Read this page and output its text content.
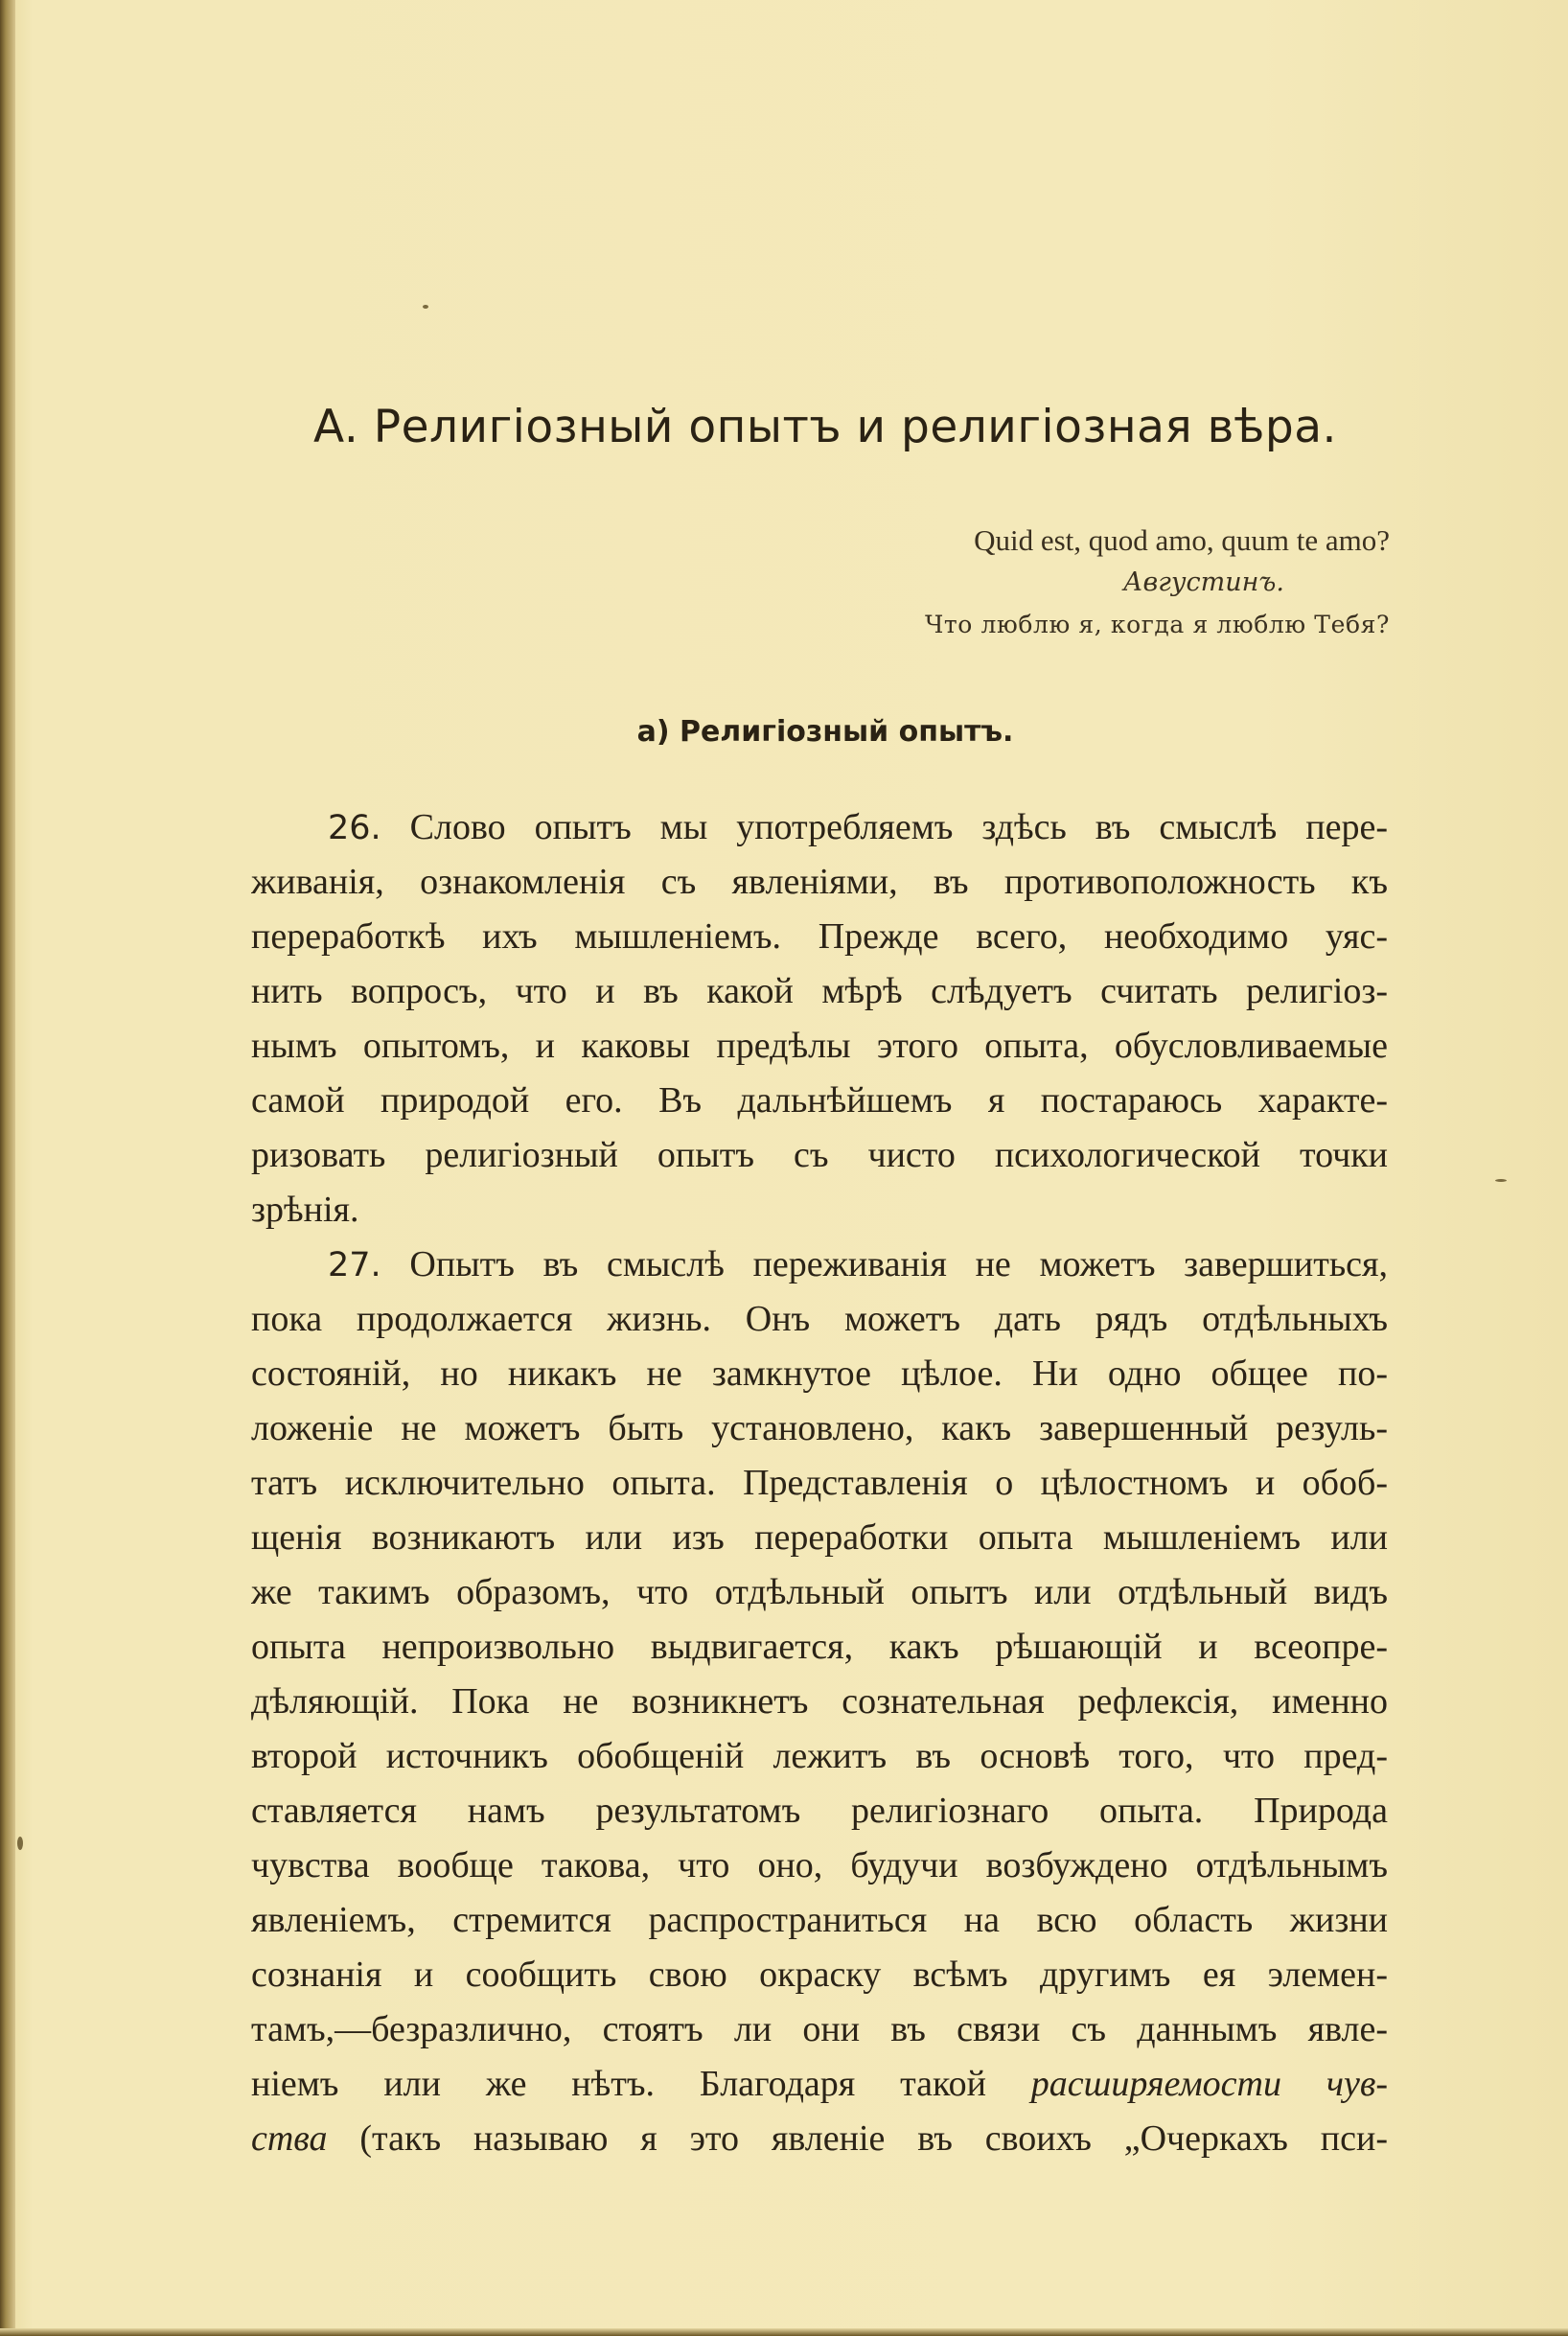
A. Религiозный опытъ и религiозная вѣра.
Quid est, quod amo, quum te amo?
Августинъ.
Что люблю я, когда я люблю Тебя?
a) Религiозный опытъ.
26. Слово опытъ мы употребляемъ здѣсь въ смыслѣ пере-
живанiя, ознакомленiя съ явленiями, въ противоположность къ
переработкѣ ихъ мышленiемъ. Прежде всего, необходимо уяс-
нить вопросъ, что и въ какой мѣрѣ слѣдуетъ считать религiоз-
нымъ опытомъ, и каковы предѣлы этого опыта, обусловливаемые
самой природой его. Въ дальнѣйшемъ я постараюсь характе-
ризовать религiозный опытъ съ чисто психологической точки
зрѣнiя.
27. Опытъ въ смыслѣ переживанiя не можетъ завершиться,
пока продолжается жизнь. Онъ можетъ дать рядъ отдѣльныхъ
состоянiй, но никакъ не замкнутое цѣлое. Ни одно общее по-
ложенiе не можетъ быть установлено, какъ завершенный резуль-
татъ исключительно опыта. Представленiя о цѣлостномъ и обоб-
щенiя возникаютъ или изъ переработки опыта мышленiемъ или
же такимъ образомъ, что отдѣльный опытъ или отдѣльный видъ
опыта непроизвольно выдвигается, какъ рѣшающiй и всеопре-
дѣляющiй. Пока не возникнетъ сознательная рефлексiя, именно
второй источникъ обобщенiй лежитъ въ основѣ того, что пред-
ставляется намъ результатомъ религiознаго опыта. Природа
чувства вообще такова, что оно, будучи возбуждено отдѣльнымъ
явленiемъ, стремится распространиться на всю область жизни
сознанiя и сообщить свою окраску всѣмъ другимъ ея элемен-
тамъ,—безразлично, стоятъ ли они въ связи съ даннымъ явле-
нiемъ или же нѣтъ. Благодаря такой расширяемости чув-
ства (такъ называю я это явленiе въ своихъ „Очеркахъ пси-
